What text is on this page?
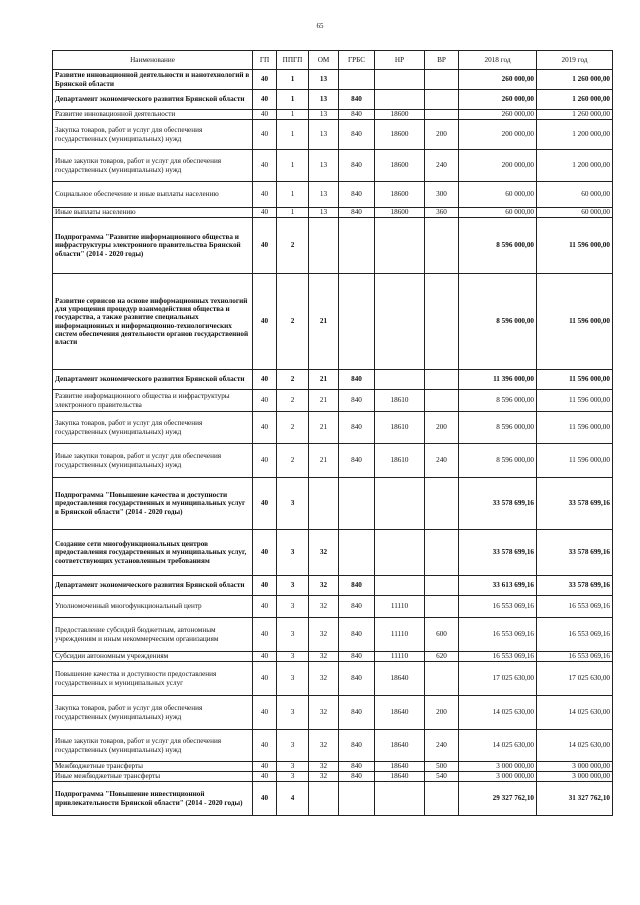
65
Наименование	ГП	ППГП	ОМ	ГРБС	НР	ВР	2018 год	2019 год
Развитие инновационной деятельности и нанотехнологий в Брянской области	40	1	13				260 000,00	1 260 000,00
Департамент экономического развития Брянской области	40	1	13	840			260 000,00	1 260 000,00
Развитие инновационной деятельности	40	1	13	840	18600		260 000,00	1 260 000,00
Закупка товаров, работ и услуг для обеспечения государственных (муниципальных) нужд	40	1	13	840	18600	200	200 000,00	1 200 000,00
Иные закупки товаров, работ и услуг для обеспечения государственных (муниципальных) нужд	40	1	13	840	18600	240	200 000,00	1 200 000,00
Социальное обеспечение и иные выплаты населению	40	1	13	840	18600	300	60 000,00	60 000,00
Иные выплаты населению	40	1	13	840	18600	360	60 000,00	60 000,00
Подпрограмма "Развитие информационного общества и инфраструктуры электронного правительства Брянской области" (2014 - 2020 годы)	40	2					8 596 000,00	11 596 000,00
Развитие сервисов на основе информационных технологий для упрощения процедур взаимодействия общества и государства, а также развитие специальных информационных и информационно-технологических систем обеспечения деятельности органов государственной власти	40	2	21				8 596 000,00	11 596 000,00
Департамент экономического развития Брянской области	40	2	21	840			11 396 000,00	11 596 000,00
Развитие информационного общества и инфраструктуры электронного правительства	40	2	21	840	18610		8 596 000,00	11 596 000,00
Закупка товаров, работ и услуг для обеспечения государственных (муниципальных) нужд	40	2	21	840	18610	200	8 596 000,00	11 596 000,00
Иные закупки товаров, работ и услуг для обеспечения государственных (муниципальных) нужд	40	2	21	840	18610	240	8 596 000,00	11 596 000,00
Подпрограмма "Повышение качества и доступности предоставления государственных и муниципальных услуг в Брянской области" (2014 - 2020 годы)	40	3					33 578 699,16	33 578 699,16
Создание сети многофункциональных центров предоставления государственных и муниципальных услуг, соответствующих установленным требованиям	40	3	32				33 578 699,16	33 578 699,16
Департамент экономического развития Брянской области	40	3	32	840			33 613 699,16	33 578 699,16
Уполномоченный многофункциональный центр	40	3	32	840	11110		16 553 069,16	16 553 069,16
Предоставление субсидий бюджетным, автономным учреждениям и иным некоммерческим организациям	40	3	32	840	11110	600	16 553 069,16	16 553 069,16
Субсидии автономным учреждениям	40	3	32	840	11110	620	16 553 069,16	16 553 069,16
Повышение качества и доступности предоставления государственных и муниципальных услуг	40	3	32	840	18640		17 025 630,00	17 025 630,00
Закупка товаров, работ и услуг для обеспечения государственных (муниципальных) нужд	40	3	32	840	18640	200	14 025 630,00	14 025 630,00
Иные закупки товаров, работ и услуг для обеспечения государственных (муниципальных) нужд	40	3	32	840	18640	240	14 025 630,00	14 025 630,00
Межбюджетные трансферты	40	3	32	840	18640	500	3 000 000,00	3 000 000,00
Иные межбюджетные трансферты	40	3	32	840	18640	540	3 000 000,00	3 000 000,00
Подпрограмма "Повышение инвестиционной привлекательности Брянской области" (2014 - 2020 годы)	40	4					29 327 762,10	31 327 762,10
